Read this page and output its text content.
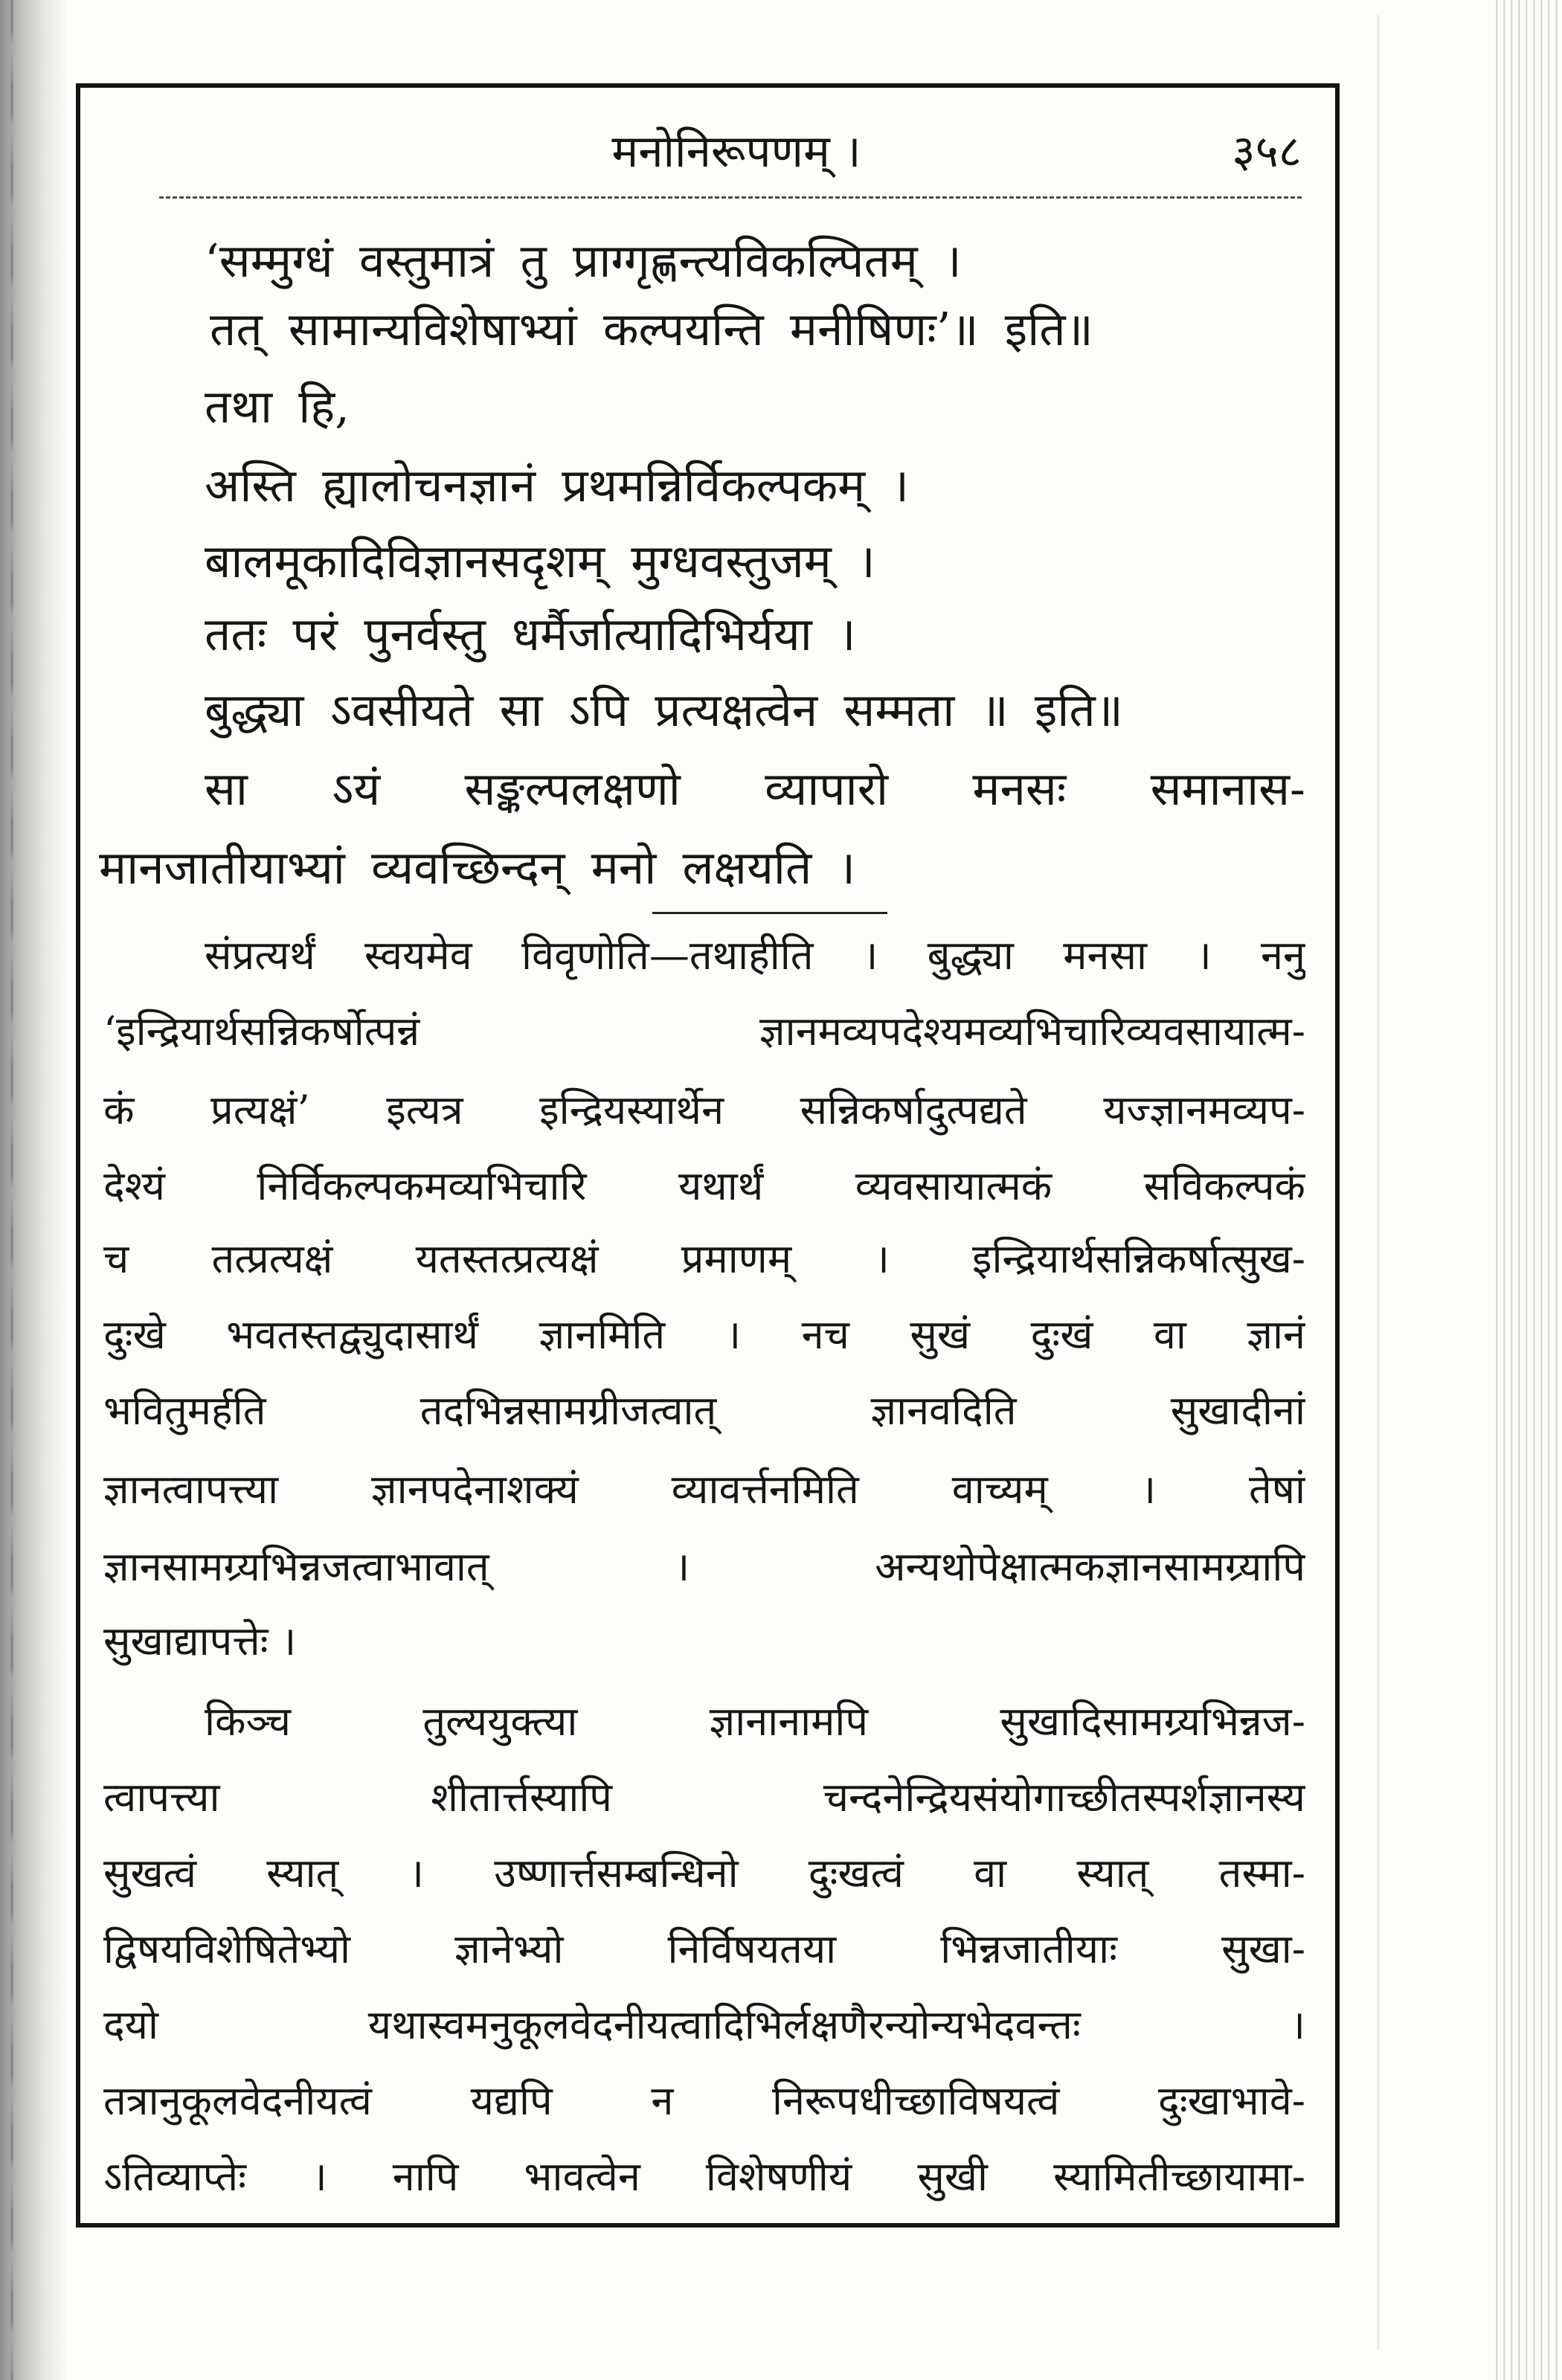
मनोनिरूपणम् ।	३५८
‘सम्मुग्धं वस्तुमात्रं तु प्राग्गृह्णन्त्यविकल्पितम् ।
तत् सामान्यविशेषाभ्यां कल्पयन्ति मनीषिणः’॥ इति॥
तथा हि,
अस्ति ह्यालोचनज्ञानं प्रथमन्निर्विकल्पकम् ।
बालमूकादिविज्ञानसदृशम् मुग्धवस्तुजम् ।
ततः परं पुनर्वस्तु धर्मैर्जात्यादिभिर्यया ।
बुद्ध्या ऽवसीयते सा ऽपि प्रत्यक्षत्वेन सम्मता ॥ इति॥
सा ऽयं सङ्कल्पलक्षणो व्यापारो मनसः समानास-
मानजातीयाभ्यां व्यवच्छिन्दन् मनो लक्षयति ।
संप्रत्यर्थं स्वयमेव विवृणोति—तथाहीति । बुद्ध्या मनसा । ननु
‘इन्द्रियार्थसन्निकर्षोत्पन्नं ज्ञानमव्यपदेश्यमव्यभिचारिव्यवसायात्म-
कं प्रत्यक्षं’ इत्यत्र इन्द्रियस्यार्थेन सन्निकर्षादुत्पद्यते यज्ज्ञानमव्यप-
देश्यं निर्विकल्पकमव्यभिचारि यथार्थं व्यवसायात्मकं सविकल्पकं
च तत्प्रत्यक्षं यतस्तत्प्रत्यक्षं प्रमाणम् । इन्द्रियार्थसन्निकर्षात्सुख-
दुःखे भवतस्तद्व्युदासार्थं ज्ञानमिति । नच सुखं दुःखं वा ज्ञानं
भवितुमर्हति तदभिन्नसामग्रीजत्वात् ज्ञानवदिति सुखादीनां
ज्ञानत्वापत्त्या ज्ञानपदेनाशक्यं व्यावर्त्तनमिति वाच्यम् । तेषां
ज्ञानसामग्र्यभिन्नजत्वाभावात् । अन्यथोपेक्षात्मकज्ञानसामग्र्यापि
सुखाद्यापत्तेः ।
किञ्च तुल्ययुक्त्या ज्ञानानामपि सुखादिसामग्र्यभिन्नज-
त्वापत्त्या शीतार्त्तस्यापि चन्दनेन्द्रियसंयोगाच्छीतस्पर्शज्ञानस्य
सुखत्वं स्यात् । उष्णार्त्तसम्बन्धिनो दुःखत्वं वा स्यात् तस्मा-
द्विषयविशेषितेभ्यो ज्ञानेभ्यो निर्विषयतया भिन्नजातीयाः सुखा-
दयो यथास्वमनुकूलवेदनीयत्वादिभिर्लक्षणैरन्योन्यभेदवन्तः ।
तत्रानुकूलवेदनीयत्वं यद्यपि न निरूपधीच्छाविषयत्वं दुःखाभावे-
ऽतिव्याप्तेः । नापि भावत्वेन विशेषणीयं सुखी स्यामितीच्छायामा-
